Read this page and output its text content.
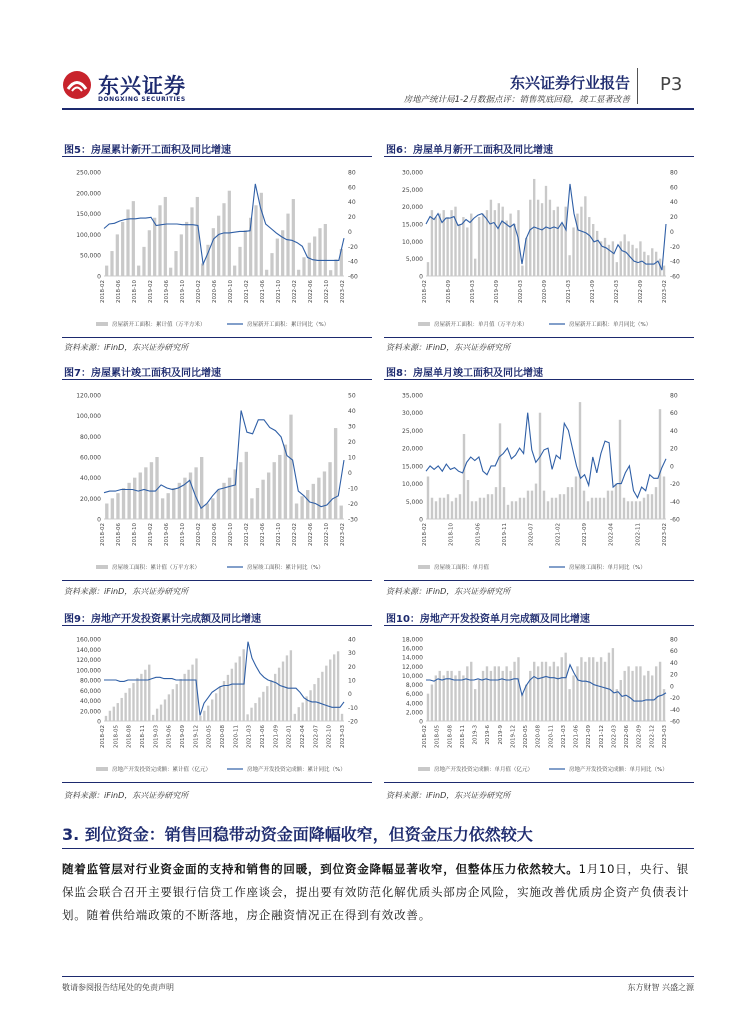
东兴证券
DONGXING SECURITIES
东兴证券行业报告
房地产统计局1-2月数据点评：销售筑底回稳，竣工显著改善
P3
图5：房屋累计新开工面积及同比增速	图6：房屋单月新开工面积及同比增速
图7：房屋累计竣工面积及同比增速	图8：房屋单月竣工面积及同比增速
图9：房地产开发投资累计完成额及同比增速	图10：房地产开发投资单月完成额及同比增速
250,000
200,000
150,000
100,000
50,000
0
80
60
40
20
0
-20
-40
-60
2018-02 2018-06 2018-10 2019-02 2019-06 2019-10 2020-02 2020-06 2020-10 2021-02 2021-06 2021-10 2022-02 2022-06 2022-10 2023-02
房屋新开工面积：累计值（万平方米）	房屋新开工面积：累计同比（%）
30,000
25,000
20,000
15,000
10,000
5,000
0
80
60
40
20
0
-20
-40
-60
2018-02	2018-09	2019-03	2019-09	2020-03	2020-09	2021-03	2021-09	2022-03	2022-09	2023-02
房屋新开工面积：单月值（万平方米）	房屋新开工面积：单月同比（%）
120,000
100,000
80,000
60,000
40,000
20,000
0
50
40
30
20
10
0
-10
-20
-30
2018-02 2018-06 2018-10 2019-02 2019-06 2019-10 2020-02 2020-06 2020-10 2021-02 2021-06 2021-10 2022-02 2022-06 2022-10 2023-02
房屋竣工面积：累计值（万平方米）	房屋竣工面积：累计同比（%）
35,000
30,000
25,000
20,000
15,000
10,000
5,000
0
80
60
40
20
0
-20
-40
-60
2018-02	2018-10	2019-06	2019-11	2020-07	2021-02	2021-09	2022-04	2022-11	2023-02
房屋竣工面积：单月值	房屋竣工面积：单月同比（%）
160,000
140,000
120,000
100,000
80,000
60,000
40,000
20,000
0
40
30
20
10
0
-10
-20
2018-02 2018-05 2018-08 2018-11 2019-03 2019-06 2019-09 2019-12 2020-05 2020-08 2020-11 2021-03 2021-06 2021-09 2022-01 2022-04 2022-07 2022-10 2023-03
房地产开发投资完成额：累计值（亿元）	房地产开发投资完成额：累计同比（%）
18,000
16,000
14,000
12,000
10,000
8,000
6,000
4,000
2,000
0
80
60
40
20
0
-20
-40
-60
2018-02 2018-05 2018-08 2018-11 2019-3 2019-6 2019-9 2019-12 2020-05 2020-08 2020-11 2021-03 2021-06 2021-09 2021-12 2022-03 2022-06 2022-09 2022-12 2023-03
房地产开发投资完成额：单月值（亿元）	房地产开发投资完成额：单月同比（%）
资料来源：iFinD，东兴证券研究所	资料来源：iFinD，东兴证券研究所
资料来源：iFinD，东兴证券研究所	资料来源：iFinD，东兴证券研究所
资料来源：iFinD，东兴证券研究所	资料来源：iFinD，东兴证券研究所
3. 到位资金：销售回稳带动资金面降幅收窄，但资金压力依然较大
随着监管层对行业资金面的支持和销售的回暖，到位资金降幅显著收窄，但整体压力依然较大。1月10日，央行、银保监会联合召开主要银行信贷工作座谈会，提出要有效防范化解优质头部房企风险，实施改善优质房企资产负债表计划。随着供给端政策的不断落地，房企融资情况正在得到有效改善。
敬请参阅报告结尾处的免责声明	东方财智 兴盛之源
